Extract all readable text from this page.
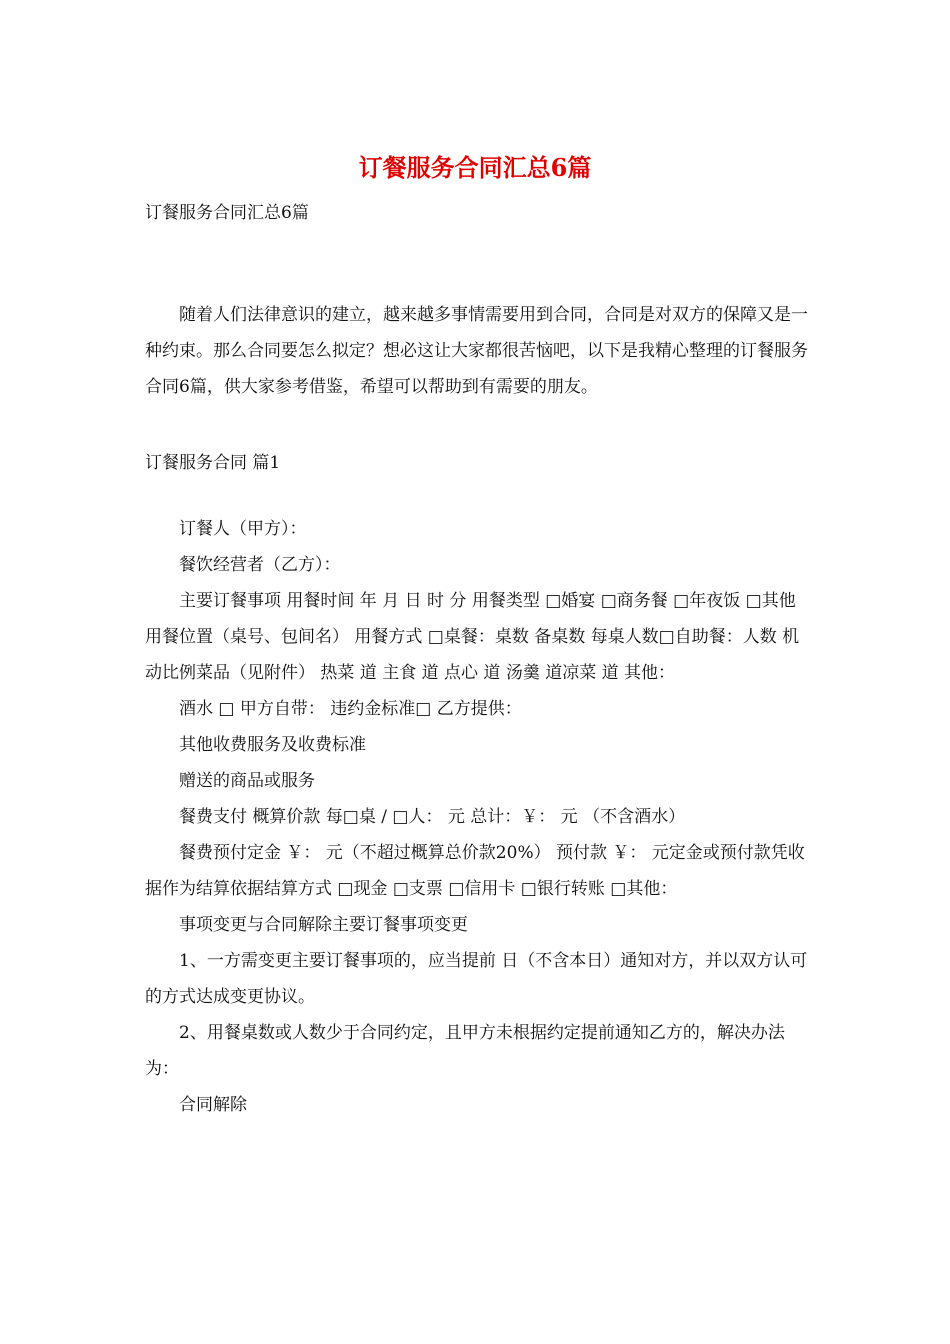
订餐服务合同汇总6篇

订餐服务合同汇总6篇

随着人们法律意识的建立，越来越多事情需要用到合同，合同是对双方的保障又是一种约束。那么合同要怎么拟定？想必这让大家都很苦恼吧，以下是我精心整理的订餐服务合同6篇，供大家参考借鉴，希望可以帮助到有需要的朋友。

订餐服务合同 篇1

订餐人（甲方）：

餐饮经营者（乙方）：

主要订餐事项 用餐时间 年 月 日 时 分 用餐类型 □婚宴 □商务餐 □年夜饭 □其他用餐位置（桌号、包间名） 用餐方式 □桌餐：桌数 备桌数 每桌人数□自助餐：人数 机动比例菜品（见附件） 热菜 道 主食 道 点心 道 汤羹 道凉菜 道 其他：

酒水 □ 甲方自带： 违约金标准□ 乙方提供：

其他收费服务及收费标准

赠送的商品或服务

餐费支付 概算价款 每□桌 / □人： 元 总计：￥： 元 （不含酒水）

餐费预付定金 ￥： 元（不超过概算总价款20%） 预付款 ￥： 元定金或预付款凭收据作为结算依据结算方式 □现金 □支票 □信用卡 □银行转账 □其他：

事项变更与合同解除主要订餐事项变更

1、一方需变更主要订餐事项的，应当提前 日（不含本日）通知对方，并以双方认可的方式达成变更协议。

2、用餐桌数或人数少于合同约定，且甲方未根据约定提前通知乙方的，解决办法为：

合同解除
